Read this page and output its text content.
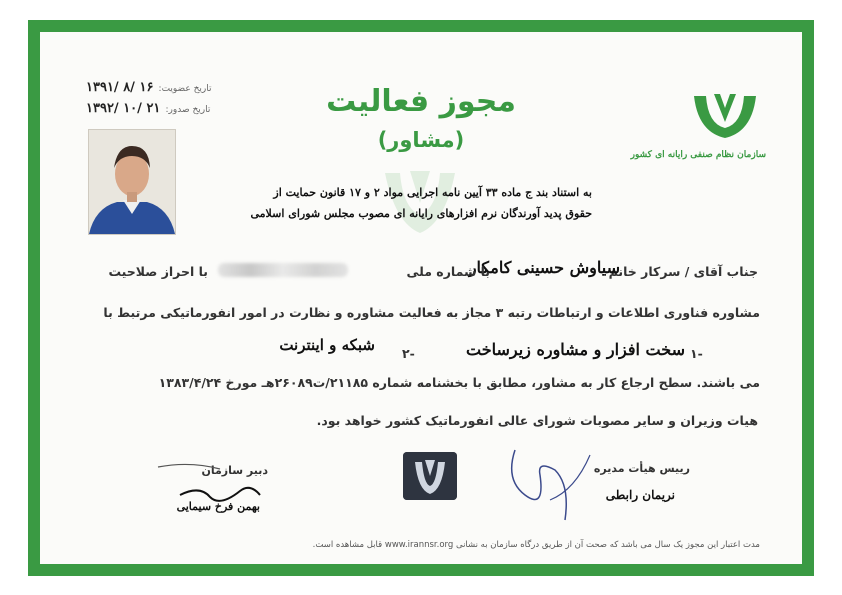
سازمان نظام صنفی رایانه ای کشور
مجوز فعالیت
(مشاور)
۱۳۹۱/ ۸/ ۱۶ تاریخ عضویت:
۱۳۹۲/ ۱۰/ ۲۱ تاریخ صدور:
به استناد بند ج ماده ۳۳ آیین نامه اجرایی مواد ۲ و ۱۷ قانون حمایت از
حقوق پدید آورندگان نرم افزارهای رایانه ای مصوب مجلس شورای اسلامی
جناب آقای / سرکار خانم
سیاوش حسینی کامکار
با شماره ملی
با احراز صلاحیت
مشاوره فناوری اطلاعات و ارتباطات رتبه ۳ مجاز به فعالیت مشاوره و نظارت در امور انفورماتیکی مرتبط با
۱-
سخت افزار و مشاوره زیرساخت
۲-
شبکه و اینترنت
می باشند. سطح ارجاع کار به مشاور، مطابق با بخشنامه شماره ۲۱۱۸۵/ت۲۶۰۸۹هـ مورخ ۱۳۸۳/۴/۲۴
هیات وزیران و سایر مصوبات شورای عالی انفورماتیک کشور خواهد بود.
رییس هیأت مدیره
نریمان رابطی
دبیر سازمان
بهمن فرخ سیمایی
مدت اعتبار این مجوز یک سال می باشد که صحت آن از طریق درگاه سازمان به نشانی www.irannsr.org قابل مشاهده است.
